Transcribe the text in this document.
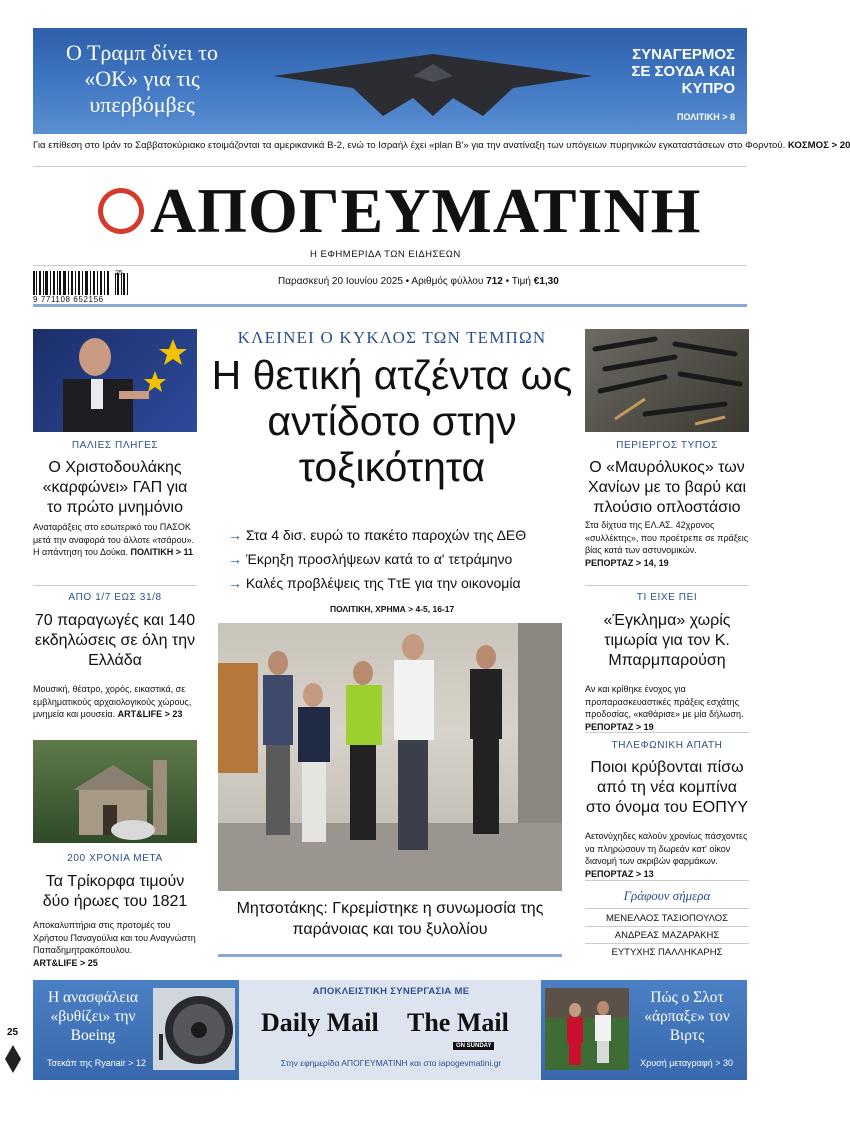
Ο Τραμπ δίνει το «ΟΚ» για τις υπερβόμβες
ΣΥΝΑΓΕΡΜΟΣ ΣΕ ΣΟΥΔΑ ΚΑΙ ΚΥΠΡΟ
ΠΟΛΙΤΙΚΗ > 8
Για επίθεση στο Ιράν το Σαββατοκύριακο ετοιμάζονται τα αμερικανικά Β-2, ενώ το Ισραήλ έχει «plan Β'» για την ανατίναξη των υπόγειων πυρηνικών εγκαταστάσεων στο Φορντού. ΚΟΣΜΟΣ > 20
ΑΠΟΓΕΥΜΑΤΙΝΗ
Η ΕΦΗΜΕΡΙΔΑ ΤΩΝ ΕΙΔΗΣΕΩΝ
9 771108 652156
25
Παρασκευή 20 Ιουνίου 2025 • Αριθμός φύλλου 712 • Τιμή €1,30
ΠΑΛΙΕΣ ΠΛΗΓΕΣ
Ο Χριστοδουλάκης «καρφώνει» ΓΑΠ για το πρώτο μνημόνιο
Αναταράξεις στο εσωτερικό του ΠΑΣΟΚ μετά την αναφορά του άλλοτε «τσάρου». Η απάντηση του Δούκα. ΠΟΛΙΤΙΚΗ > 11
ΑΠΟ 1/7 ΕΩΣ 31/8
70 παραγωγές και 140 εκδηλώσεις σε όλη την Ελλάδα
Μουσική, θέατρο, χορός, εικαστικά, σε εμβληματικούς αρχαιολογικούς χώρους, μνημεία και μουσεία. ART&LIFE > 23
200 ΧΡΟΝΙΑ ΜΕΤΑ
Τα Τρίκορφα τιμούν δύο ήρωες του 1821
Αποκαλυπτήρια στις προτομές του Χρήστου Παναγούλια και του Αναγνώστη Παπαδημητρακόπουλου. ART&LIFE > 25
ΚΛΕΙΝΕΙ Ο ΚΥΚΛΟΣ ΤΩΝ ΤΕΜΠΩΝ
Η θετική ατζέντα ως αντίδοτο στην τοξικότητα
→ Στα 4 δισ. ευρώ το πακέτο παροχών της ΔΕΘ
→ Έκρηξη προσλήψεων κατά το α' τετράμηνο
→ Καλές προβλέψεις της ΤτΕ για την οικονομία
ΠΟΛΙΤΙΚΗ, ΧΡΗΜΑ > 4-5, 16-17
Μητσοτάκης: Γκρεμίστηκε η συνωμοσία της παράνοιας και του ξυλολίου
ΠΕΡΙΕΡΓΟΣ ΤΥΠΟΣ
Ο «Μαυρόλυκος» των Χανίων με το βαρύ και πλούσιο οπλοστάσιο
Στα δίχτυα της ΕΛ.ΑΣ. 42χρονος «συλλέκτης», που προέτρεπε σε πράξεις βίας κατά των αστυνομικών. ΡΕΠΟΡΤΑΖ > 14, 19
ΤΙ ΕΙΧΕ ΠΕΙ
«Έγκλημα» χωρίς τιμωρία για τον Κ. Μπαρμπαρούση
Αν και κρίθηκε ένοχος για προπαρασκευαστικές πράξεις εσχάτης προδοσίας, «καθάρισε» με μία δήλωση. ΡΕΠΟΡΤΑΖ > 19
ΤΗΛΕΦΩΝΙΚΗ ΑΠΑΤΗ
Ποιοι κρύβονται πίσω από τη νέα κομπίνα στο όνομα του ΕΟΠΥΥ
Αετονύχηδες καλούν χρονίως πάσχοντες να πληρώσουν τη δωρεάν κατ' οίκον διανομή των ακριβών φαρμάκων. ΡΕΠΟΡΤΑΖ > 13
Γράφουν σήμερα
ΜΕΝΕΛΑΟΣ ΤΑΣΙΟΠΟΥΛΟΣ
ΑΝΔΡΕΑΣ ΜΑΖΑΡΑΚΗΣ
ΕΥΤΥΧΗΣ ΠΑΛΛΗΚΑΡΗΣ
Η ανασφάλεια «βυθίζει» την Boeing
Τσεκάπ της Ryanair > 12
ΑΠΟΚΛΕΙΣΤΙΚΗ ΣΥΝΕΡΓΑΣΙΑ ΜΕ
Daily Mail The Mail
ON SUNDAY
Στην εφημερίδα ΑΠΟΓΕΥΜΑΤΙΝΗ και στο iapogevmatini.gr
Πώς ο Σλοτ «άρπαξε» τον Βιρτς
Χρυσή μεταγραφή > 30
25
